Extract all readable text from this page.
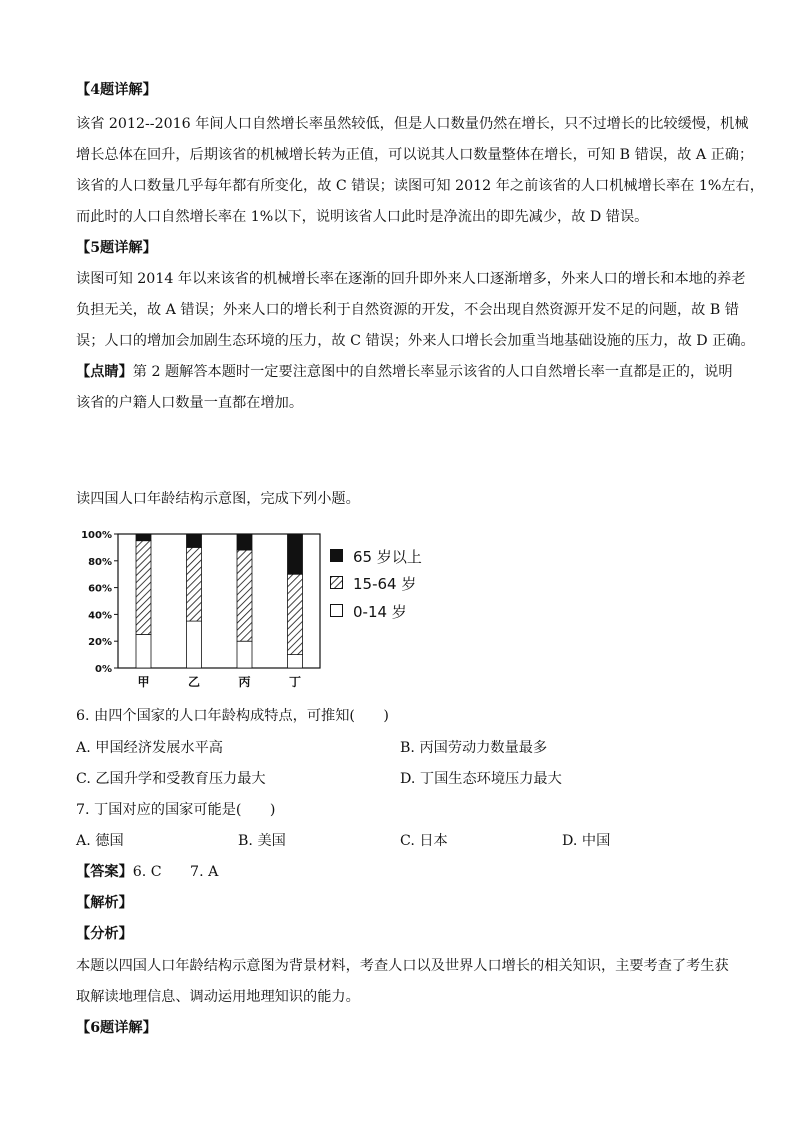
【4题详解】
该省 2012--2016 年间人口自然增长率虽然较低，但是人口数量仍然在增长，只不过增长的比较缓慢，机械
增长总体在回升，后期该省的机械增长转为正值，可以说其人口数量整体在增长，可知 B 错误，故 A 正确；
该省的人口数量几乎每年都有所变化，故 C 错误；读图可知 2012 年之前该省的人口机械增长率在 1%左右，
而此时的人口自然增长率在 1%以下，说明该省人口此时是净流出的即先减少，故 D 错误。
【5题详解】
读图可知 2014 年以来该省的机械增长率在逐渐的回升即外来人口逐渐增多，外来人口的增长和本地的养老
负担无关，故 A 错误；外来人口的增长利于自然资源的开发，不会出现自然资源开发不足的问题，故 B 错
误；人口的增加会加剧生态环境的压力，故 C 错误；外来人口增长会加重当地基础设施的压力，故 D 正确。
【点睛】第 2 题解答本题时一定要注意图中的自然增长率显示该省的人口自然增长率一直都是正的，说明
该省的户籍人口数量一直都在增加。
读四国人口年龄结构示意图，完成下列小题。
0%
20%
40%
60%
80%
100%
甲	乙	丙	丁
65 岁以上
15-64 岁
0-14 岁
6. 由四个国家的人口年龄构成特点，可推知(　　)
A. 甲国经济发展水平高	B. 丙国劳动力数量最多
C. 乙国升学和受教育压力最大	D. 丁国生态环境压力最大
7. 丁国对应的国家可能是(　　)
A. 德国	B. 美国	C. 日本	D. 中国
【答案】6. C　　7. A
【解析】
【分析】
本题以四国人口年龄结构示意图为背景材料，考查人口以及世界人口增长的相关知识，主要考查了考生获
取解读地理信息、调动运用地理知识的能力。
【6题详解】
